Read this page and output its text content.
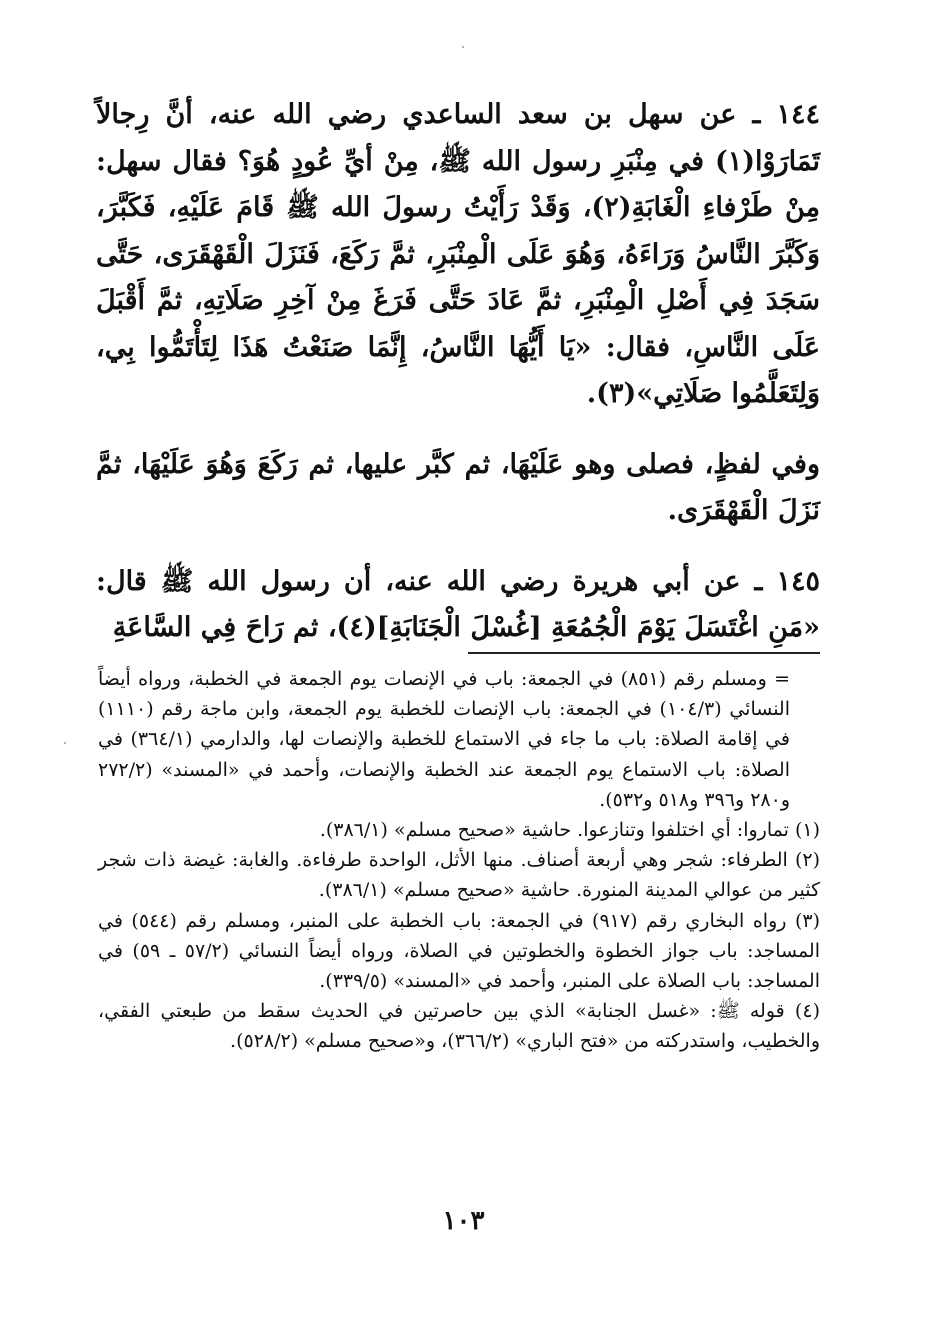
١٤٤ ـ عن سهل بن سعد الساعدي رضي الله عنه، أنَّ رِجالاً تَمَارَوْا(١) في مِنْبَرِ رسول الله ﷺ، مِنْ أيِّ عُودٍ هُوَ؟ فقال سهل: مِنْ طَرْفاءِ الْغَابَةِ(٢)، وَقَدْ رَأَيْتُ رسولَ الله ﷺ قَامَ عَلَيْهِ، فَكَبَّرَ، وَكَبَّرَ النَّاسُ وَرَاءَهُ، وَهُوَ عَلَى الْمِنْبَرِ، ثمَّ رَكَعَ، فَنَزَلَ الْقَهْقَرَى، حَتَّى سَجَدَ فِي أَصْلِ الْمِنْبَرِ، ثمَّ عَادَ حَتَّى فَرَغَ مِنْ آخِرِ صَلَاتِهِ، ثمَّ أَقْبَلَ عَلَى النَّاسِ، فقال: «يَا أَيُّهَا النَّاسُ، إِنَّمَا صَنَعْتُ هَذَا لِتَأْتَمُّوا بِي، وَلِتَعَلَّمُوا صَلَاتِي»(٣).

وفي لفظٍ، فصلى وهو عَلَيْهَا، ثم كبَّر عليها، ثم رَكَعَ وَهُوَ عَلَيْهَا، ثمَّ نَزَلَ الْقَهْقَرَى.

١٤٥ ـ عن أبي هريرة رضي الله عنه، أن رسول الله ﷺ قال: «مَنِ اغْتَسَلَ يَوْمَ الْجُمُعَةِ [غُسْلَ الْجَنَابَةِ](٤)، ثم رَاحَ فِي السَّاعَةِ

= ومسلم رقم (٨٥١) في الجمعة: باب في الإنصات يوم الجمعة في الخطبة، ورواه أيضاً النسائي (١٠٤/٣) في الجمعة: باب الإنصات للخطبة يوم الجمعة، وابن ماجة رقم (١١١٠) في إقامة الصلاة: باب ما جاء في الاستماع للخطبة والإنصات لها، والدارمي (٣٦٤/١) في الصلاة: باب الاستماع يوم الجمعة عند الخطبة والإنصات، وأحمد في «المسند» (٢٧٢/٢ و٢٨٠ و٣٩٦ و٥١٨ و٥٣٢).

(١) تماروا: أي اختلفوا وتنازعوا. حاشية «صحيح مسلم» (٣٨٦/١).

(٢) الطرفاء: شجر وهي أربعة أصناف. منها الأثل، الواحدة طرفاءة. والغابة: غيضة ذات شجر كثير من عوالي المدينة المنورة. حاشية «صحيح مسلم» (٣٨٦/١).

(٣) رواه البخاري رقم (٩١٧) في الجمعة: باب الخطبة على المنبر، ومسلم رقم (٥٤٤) في المساجد: باب جواز الخطوة والخطوتين في الصلاة، ورواه أيضاً النسائي (٥٧/٢ ـ ٥٩) في المساجد: باب الصلاة على المنبر، وأحمد في «المسند» (٣٣٩/٥).

(٤) قوله ﷺ: «غسل الجنابة» الذي بين حاصرتين في الحديث سقط من طبعتي الفقي، والخطيب، واستدركته من «فتح الباري» (٣٦٦/٢)، و«صحيح مسلم» (٥٢٨/٢).

١٠٣
